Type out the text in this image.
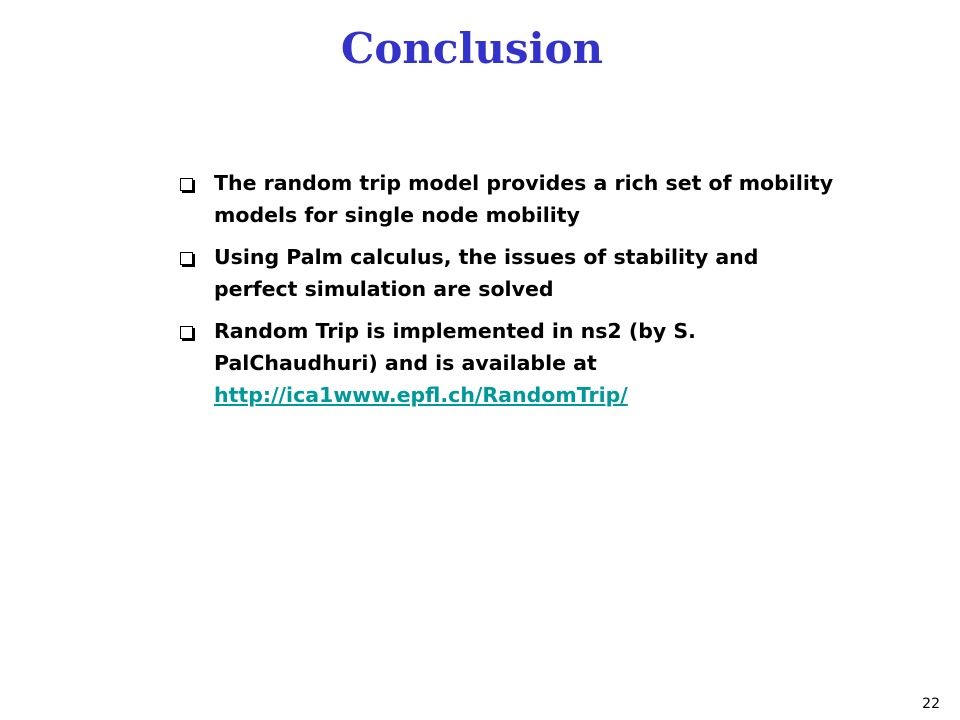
Conclusion
The random trip model provides a rich set of mobility models for single node mobility
Using Palm calculus, the issues of stability and perfect simulation are solved
Random Trip is implemented in ns2 (by S. PalChaudhuri) and is available at http://ica1www.epfl.ch/RandomTrip/
22
